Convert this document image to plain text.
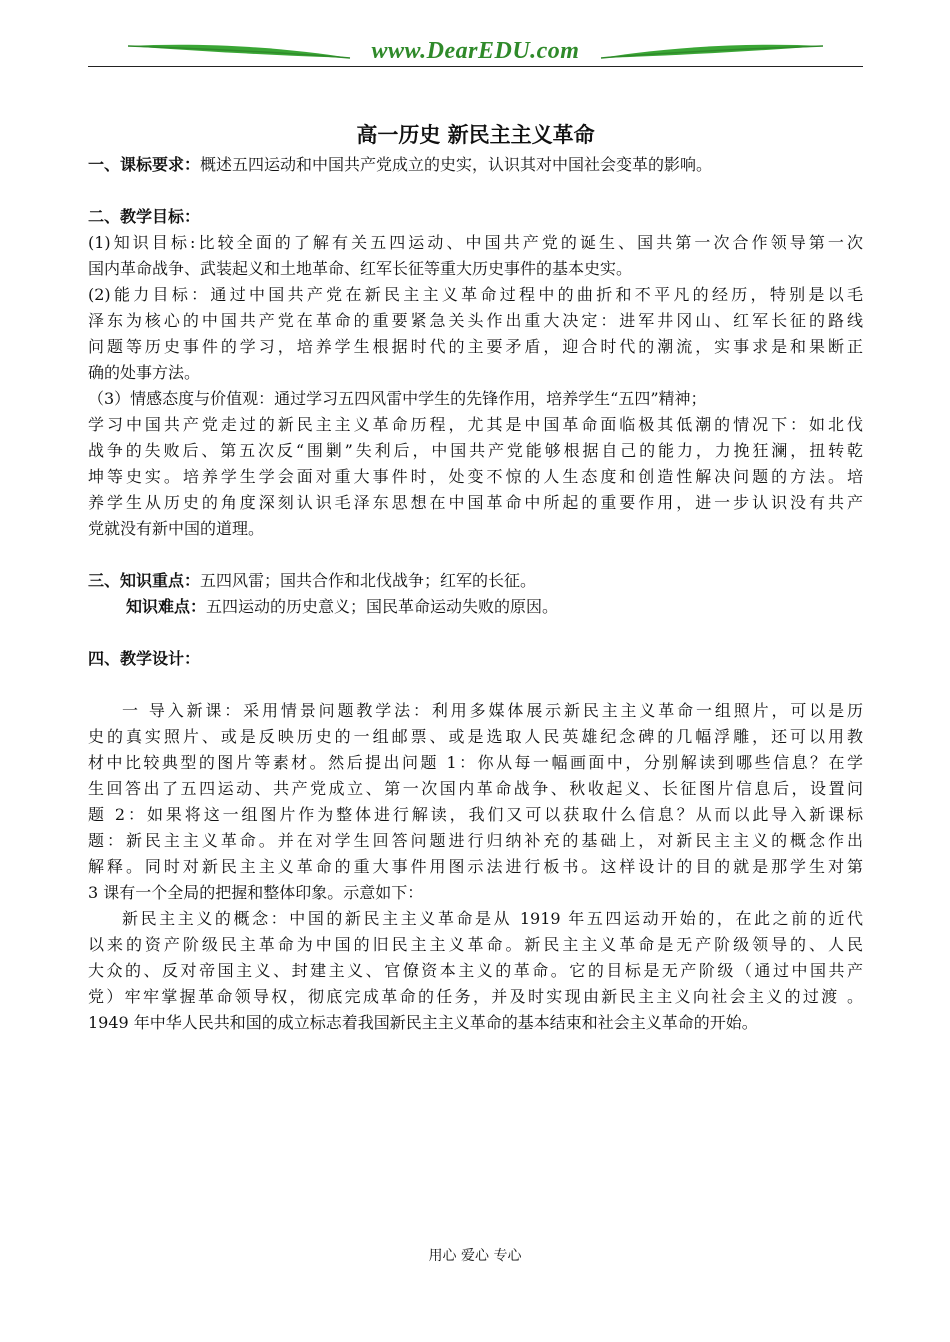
www.DearEDU.com

高一历史 新民主主义革命

一、课标要求：概述五四运动和中国共产党成立的史实，认识其对中国社会变革的影响。

二、教学目标：

(1)知识目标:比较全面的了解有关五四运动、中国共产党的诞生、国共第一次合作领导第一次

国内革命战争、武装起义和土地革命、红军长征等重大历史事件的基本史实。

(2)能力目标：通过中国共产党在新民主主义革命过程中的曲折和不平凡的经历，特别是以毛

泽东为核心的中国共产党在革命的重要紧急关头作出重大决定：进军井冈山、红军长征的路线

问题等历史事件的学习，培养学生根据时代的主要矛盾，迎合时代的潮流，实事求是和果断正

确的处事方法。

（3）情感态度与价值观：通过学习五四风雷中学生的先锋作用，培养学生“五四”精神；

学习中国共产党走过的新民主主义革命历程，尤其是中国革命面临极其低潮的情况下：如北伐

战争的失败后、第五次反“围剿”失利后，中国共产党能够根据自己的能力，力挽狂澜，扭转乾

坤等史实。培养学生学会面对重大事件时，处变不惊的人生态度和创造性解决问题的方法。培

养学生从历史的角度深刻认识毛泽东思想在中国革命中所起的重要作用，进一步认识没有共产

党就没有新中国的道理。

三、知识重点：五四风雷；国共合作和北伐战争；红军的长征。

知识难点：五四运动的历史意义；国民革命运动失败的原因。

四、教学设计：

一 导入新课：采用情景问题教学法：利用多媒体展示新民主主义革命一组照片，可以是历

史的真实照片、或是反映历史的一组邮票、或是选取人民英雄纪念碑的几幅浮雕，还可以用教

材中比较典型的图片等素材。然后提出问题 1：你从每一幅画面中，分别解读到哪些信息？在学

生回答出了五四运动、共产党成立、第一次国内革命战争、秋收起义、长征图片信息后，设置问

题 2：如果将这一组图片作为整体进行解读，我们又可以获取什么信息？从而以此导入新课标

题：新民主主义革命。并在对学生回答问题进行归纳补充的基础上，对新民主主义的概念作出

解释。同时对新民主主义革命的重大事件用图示法进行板书。这样设计的目的就是那学生对第

3 课有一个全局的把握和整体印象。示意如下：

新民主主义的概念：中国的新民主主义革命是从 1919 年五四运动开始的，在此之前的近代

以来的资产阶级民主革命为中国的旧民主主义革命。新民主主义革命是无产阶级领导的、人民

大众的、反对帝国主义、封建主义、官僚资本主义的革命。它的目标是无产阶级（通过中国共产

党）牢牢掌握革命领导权，彻底完成革命的任务，并及时实现由新民主主义向社会主义的过渡 。

1949 年中华人民共和国的成立标志着我国新民主主义革命的基本结束和社会主义革命的开始。

用心 爱心 专心
